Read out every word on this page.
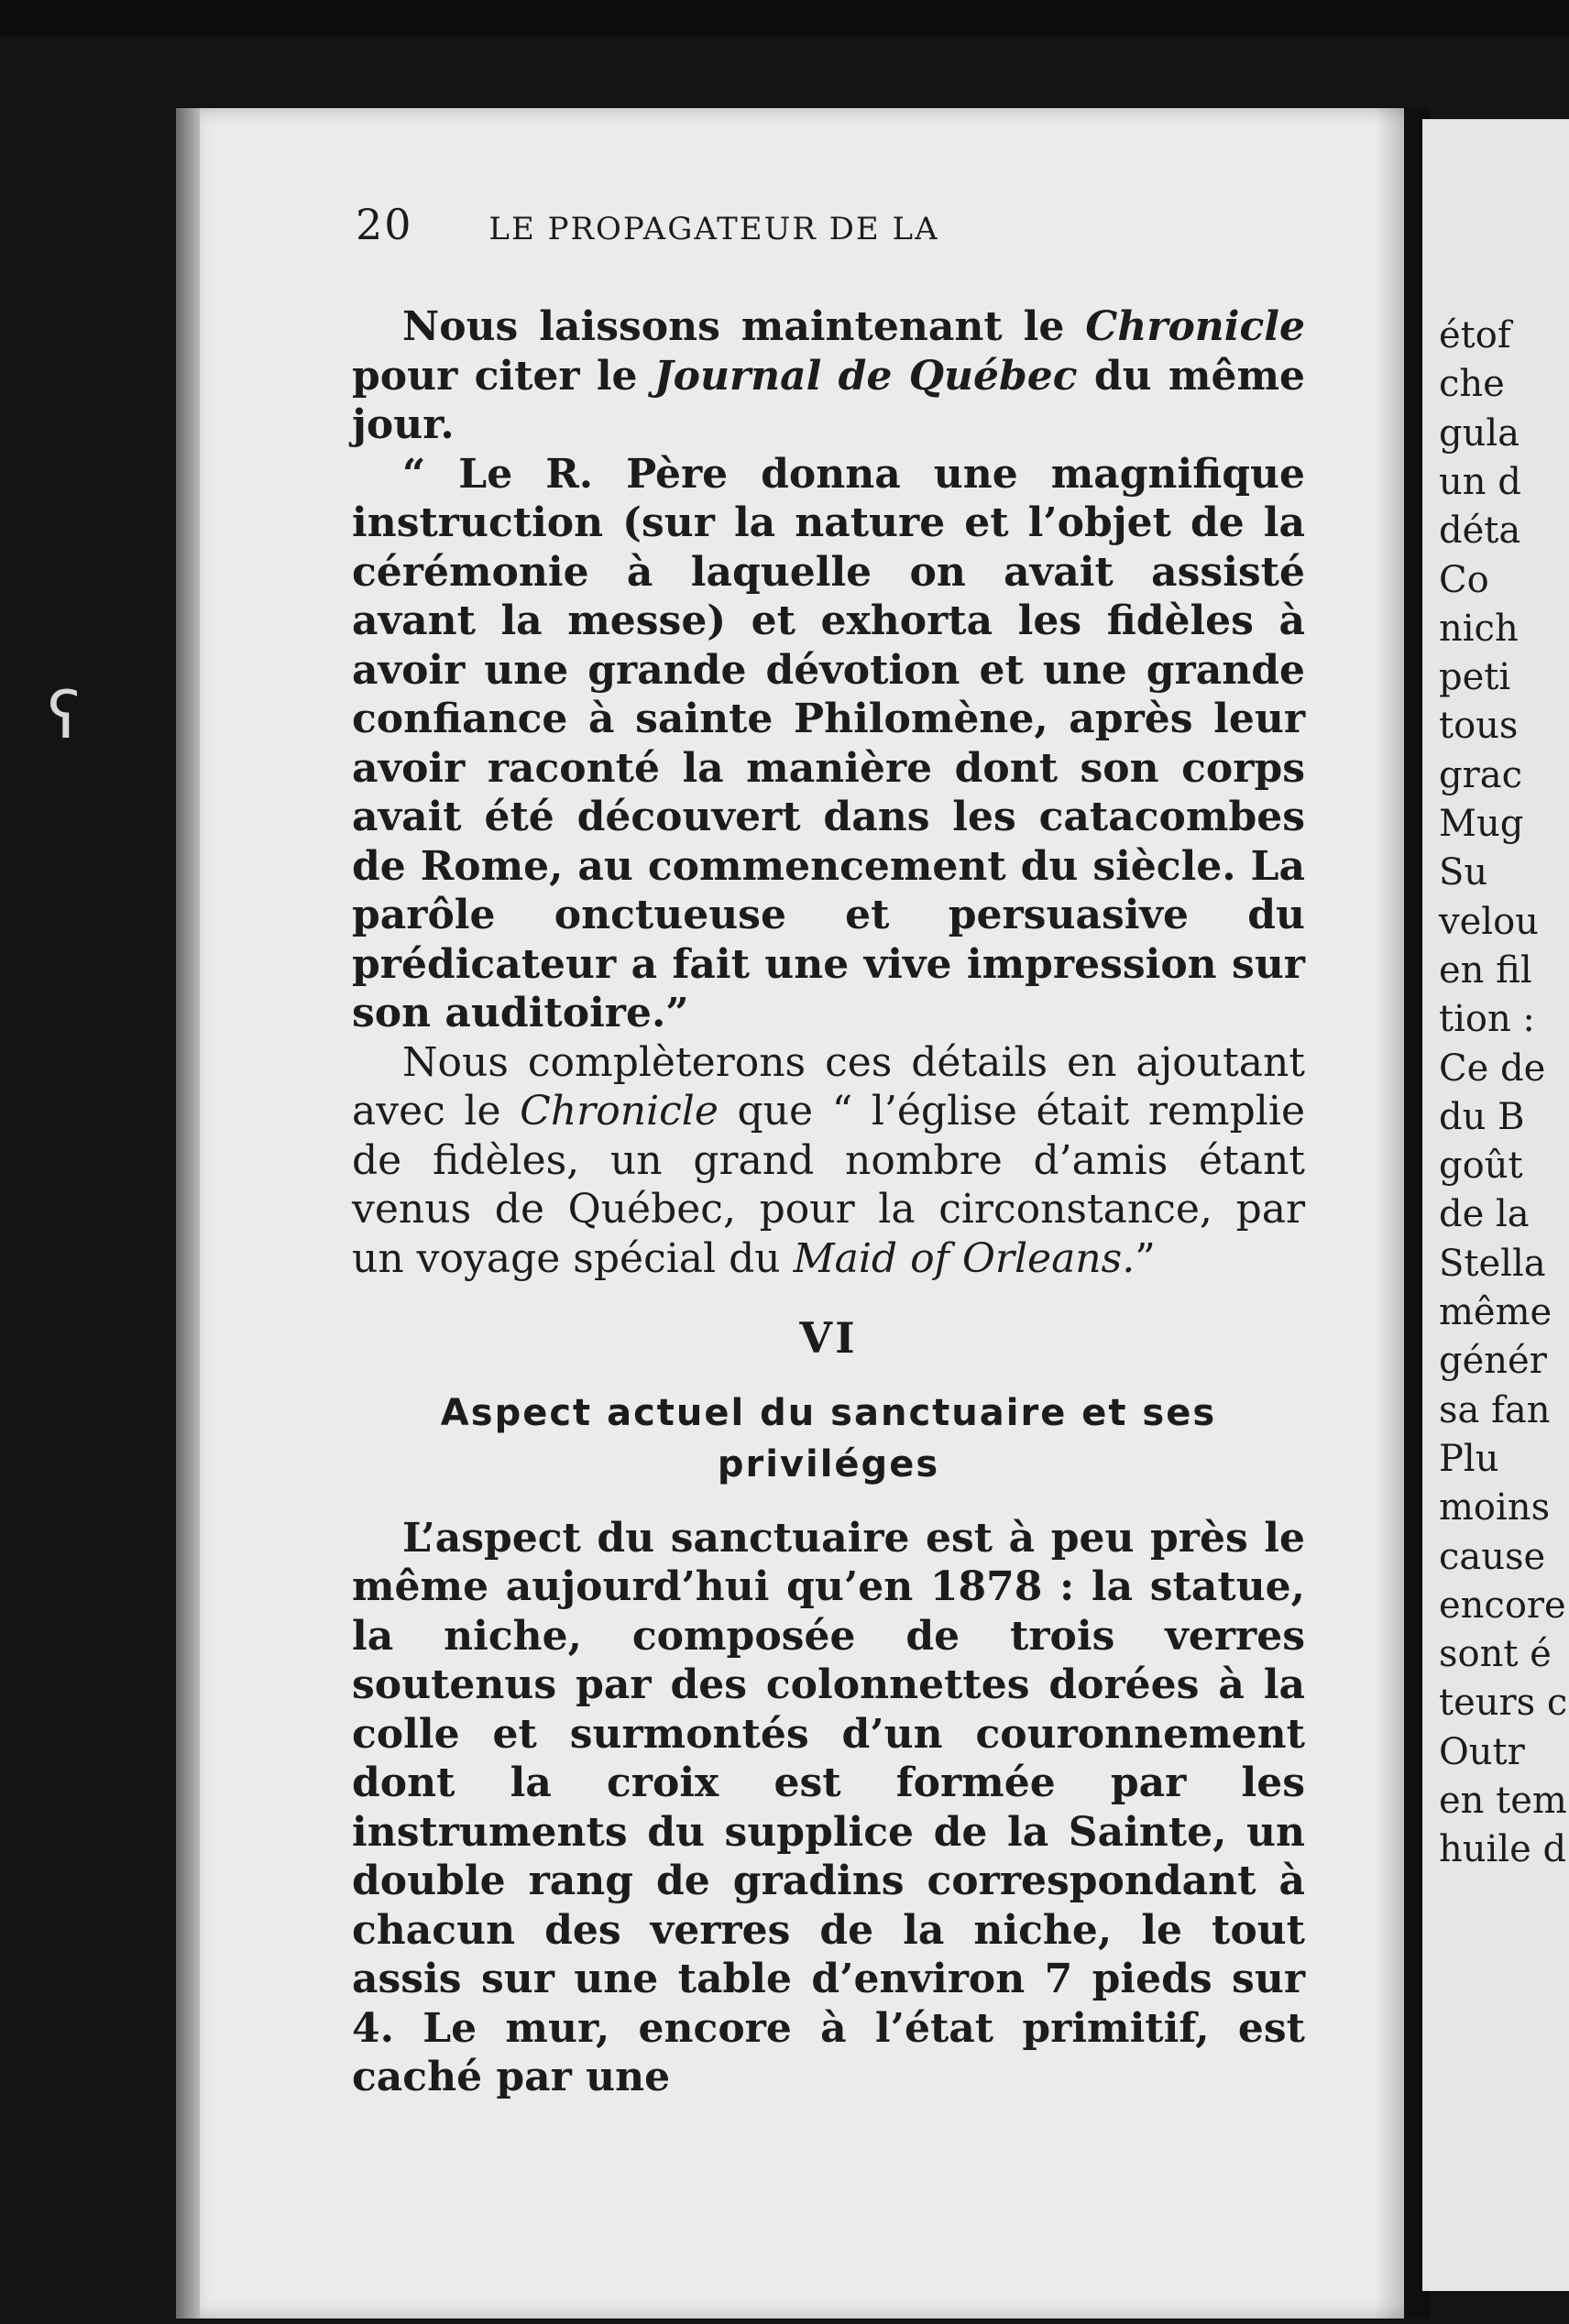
20 LE PROPAGATEUR DE LA

Nous laissons maintenant le Chronicle pour citer le Journal de Québec du même jour.

“ Le R. Père donna une magnifique instruction (sur la nature et l’objet de la cérémonie à laquelle on avait assisté avant la messe) et exhorta les fidèles à avoir une grande dévotion et une grande confiance à sainte Philomène, après leur avoir raconté la manière dont son corps avait été découvert dans les catacombes de Rome, au commencement du siècle. La parôle onctueuse et persuasive du prédicateur a fait une vive impression sur son auditoire.”

Nous complèterons ces détails en ajoutant avec le Chronicle que “ l’église était remplie de fidèles, un grand nombre d’amis étant venus de Québec, pour la circonstance, par un voyage spécial du Maid of Orleans.”

VI
Aspect actuel du sanctuaire et ses
priviléges

L’aspect du sanctuaire est à peu près le même aujourd’hui qu’en 1878 : la statue, la niche, composée de trois verres soutenus par des colonnettes dorées à la colle et surmontés d’un couronnement dont la croix est formée par les instruments du supplice de la Sainte, un double rang de gradins correspondant à chacun des verres de la niche, le tout assis sur une table d’environ 7 pieds sur 4. Le mur, encore à l’état primitif, est caché par une

étof
che
gula
un d
déta
Co
nich
peti
tous
grac
Mug
Su
velou
en fil
tion :
Ce de
du B
goût
de la
Stella
même
génér
sa fan
Plu
moins
cause
encore
sont é
teurs c
Outr
en tem
huile d
ʕ
